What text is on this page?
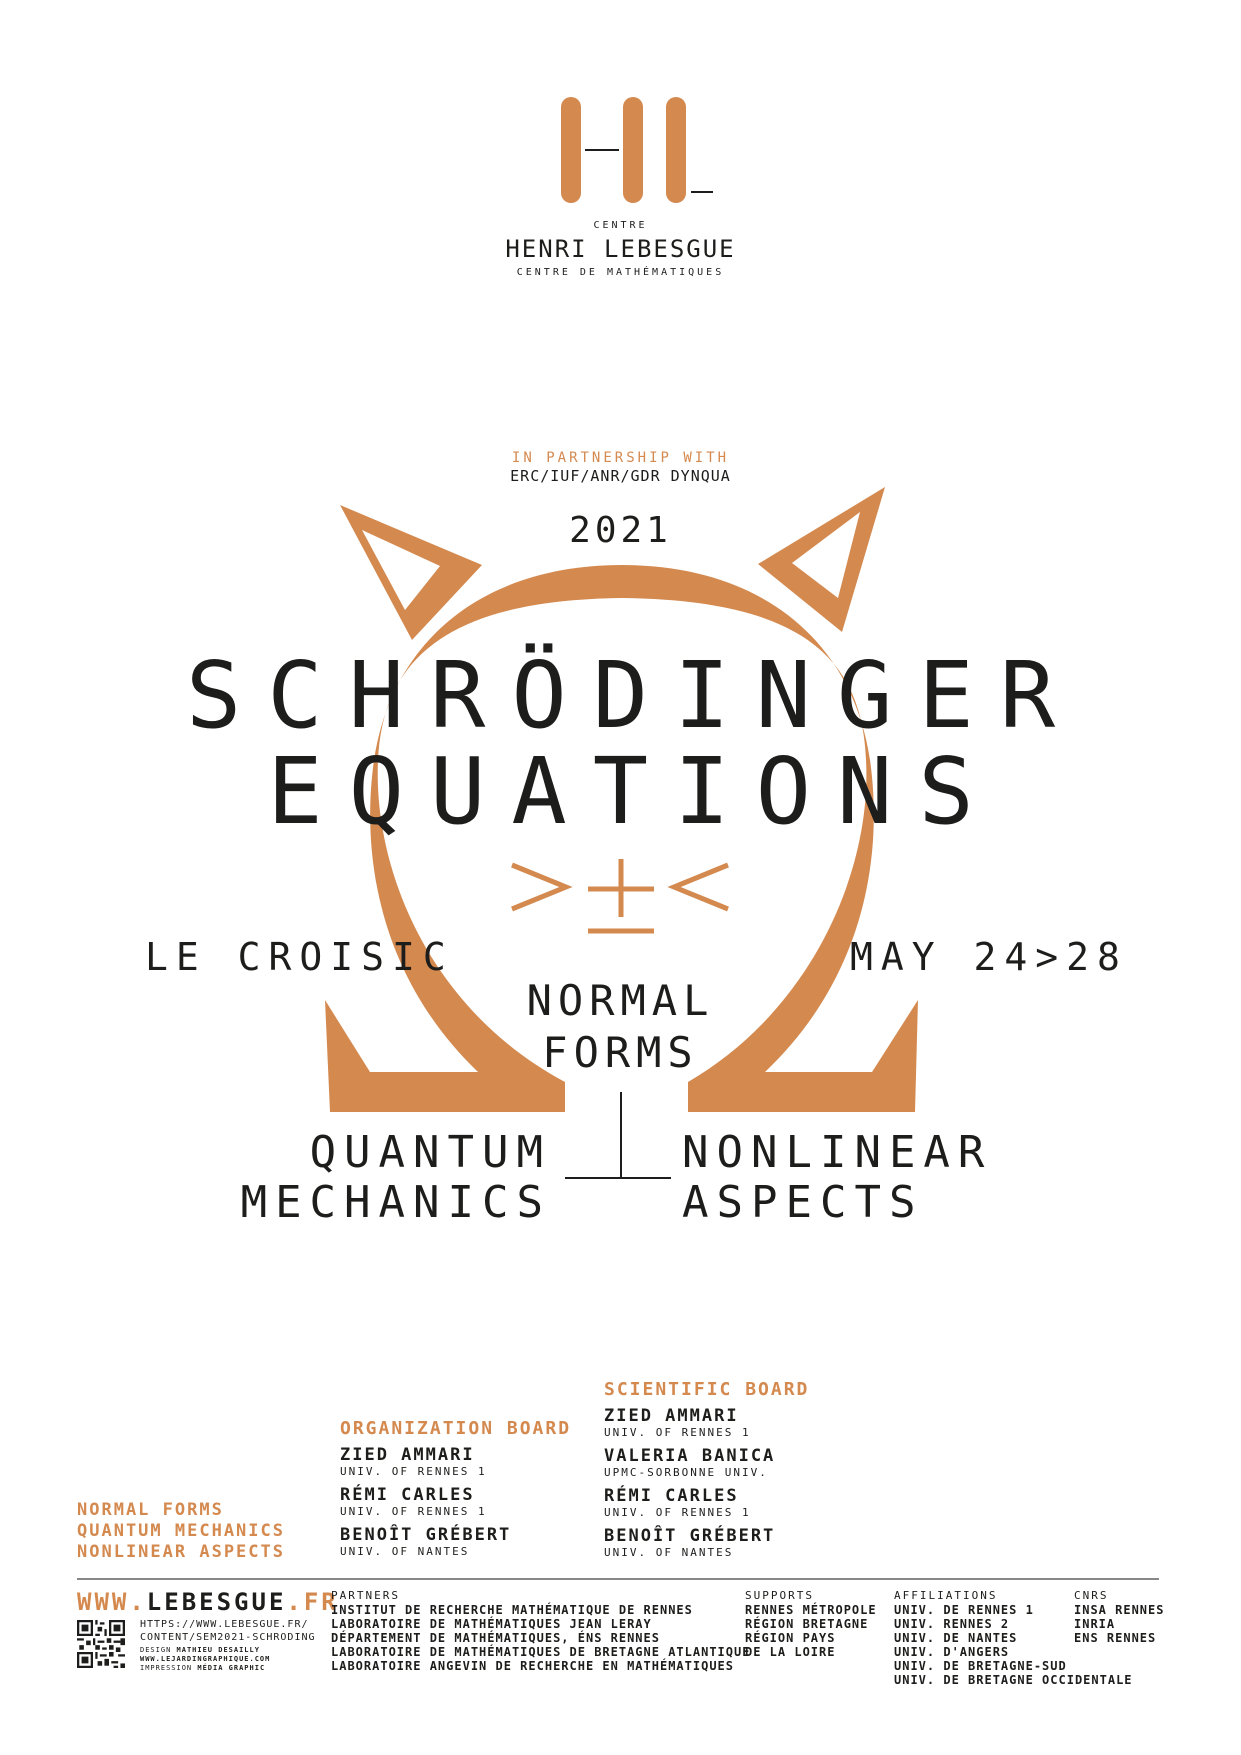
CENTRE
HENRI LEBESGUE
CENTRE DE MATHÉMATIQUES
IN PARTNERSHIP WITH
ERC/IUF/ANR/GDR DYNQUA
2021
SCHRÖDINGER
EQUATIONS
LE CROISIC	MAY 24>28
NORMAL
FORMS
QUANTUM
MECHANICS
NONLINEAR
ASPECTS
ORGANIZATION BOARD
ZIED AMMARI
UNIV. OF RENNES 1
RÉMI CARLES
UNIV. OF RENNES 1
BENOÎT GRÉBERT
UNIV. OF NANTES
SCIENTIFIC BOARD
ZIED AMMARI
UNIV. OF RENNES 1
VALERIA BANICA
UPMC-SORBONNE UNIV.
RÉMI CARLES
UNIV. OF RENNES 1
BENOÎT GRÉBERT
UNIV. OF NANTES
NORMAL FORMS
QUANTUM MECHANICS
NONLINEAR ASPECTS
WWW.LEBESGUE.FR
HTTPS://WWW.LEBESGUE.FR/
CONTENT/SEM2021-SCHRODING
DESIGN MATHIEU DESAILLY
WWW.LEJARDINGRAPHIQUE.COM
IMPRESSION MÉDIA GRAPHIC
PARTNERS
INSTITUT DE RECHERCHE MATHÉMATIQUE DE RENNES
LABORATOIRE DE MATHÉMATIQUES JEAN LERAY
DÉPARTEMENT DE MATHÉMATIQUES, ÉNS RENNES
LABORATOIRE DE MATHÉMATIQUES DE BRETAGNE ATLANTIQUE
LABORATOIRE ANGEVIN DE RECHERCHE EN MATHÉMATIQUES
SUPPORTS
RENNES MÉTROPOLE
RÉGION BRETAGNE
RÉGION PAYS
DE LA LOIRE
AFFILIATIONS
UNIV. DE RENNES 1
UNIV. RENNES 2
UNIV. DE NANTES
UNIV. D'ANGERS
UNIV. DE BRETAGNE-SUD
UNIV. DE BRETAGNE OCCIDENTALE
CNRS
INSA RENNES
INRIA
ENS RENNES
